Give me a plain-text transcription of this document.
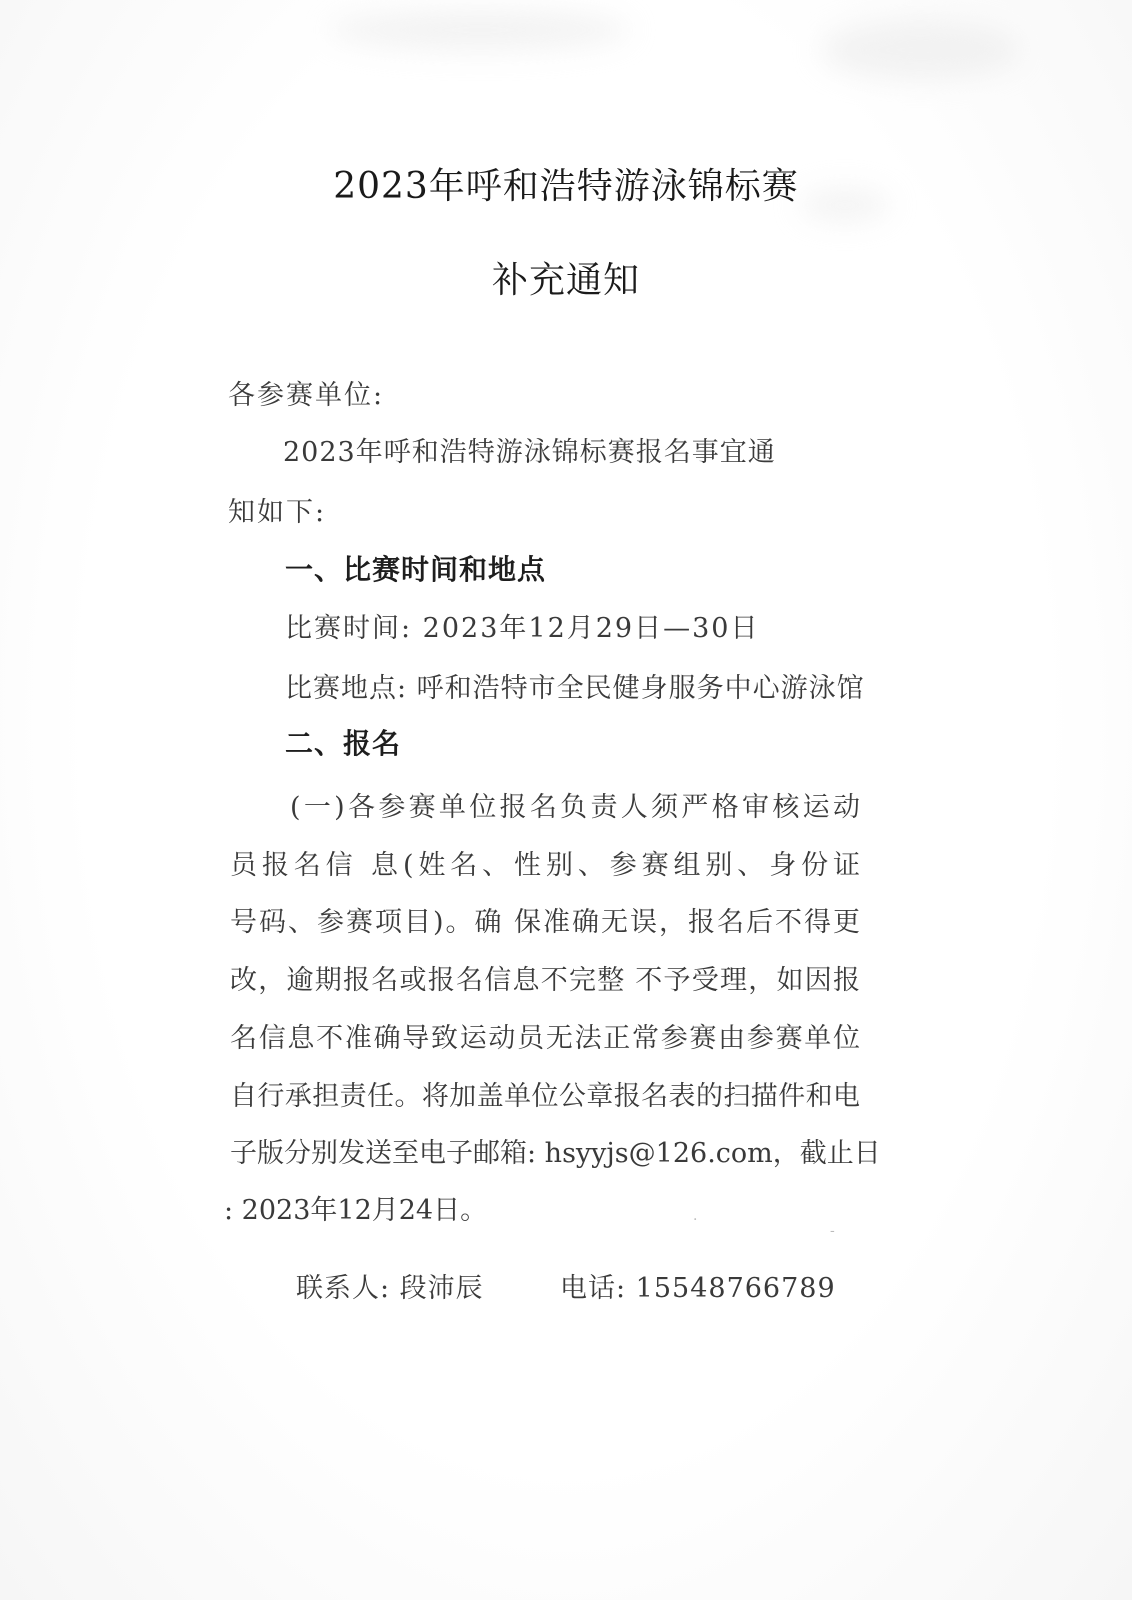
2023年呼和浩特游泳锦标赛
补充通知
各参赛单位:
2023年呼和浩特游泳锦标赛报名事宜通
知如下:
一、比赛时间和地点
比赛时间: 2023年12月29日—30日
比赛地点: 呼和浩特市全民健身服务中心游泳馆
二、报名
(一)各参赛单位报名负责人须严格审核运动
员报名信 息(姓名、性别、参赛组别、身份证
号码、参赛项目)。确 保准确无误，报名后不得更
改，逾期报名或报名信息不完整 不予受理，如因报
名信息不准确导致运动员无法正常参赛由参赛单位
自行承担责任。将加盖单位公章报名表的扫描件和电
子版分别发送至电子邮箱: hsyyjs@126.com，截止日
: 2023年12月24日。	·
-
联系人: 段沛辰	电话: 15548766789
